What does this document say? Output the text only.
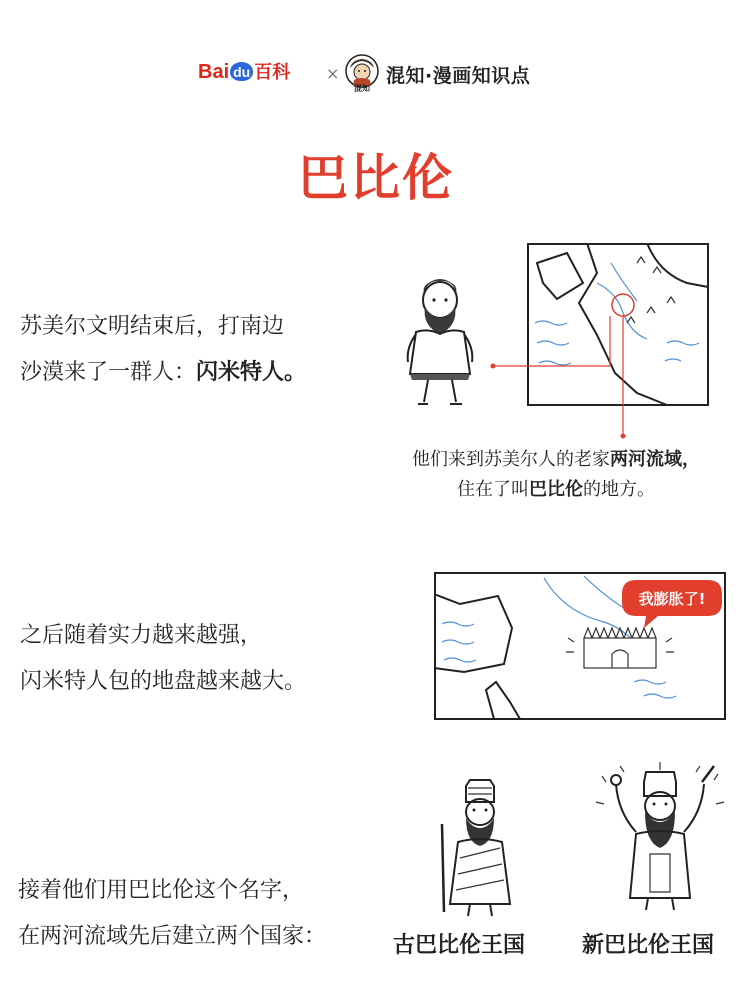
Bai du 百科 ×
混知
混知·漫画知识点
巴比伦
苏美尔文明结束后，打南边
沙漠来了一群人：闪米特人。
他们来到苏美尔人的老家两河流域，
住在了叫巴比伦的地方。
之后随着实力越来越强，
闪米特人包的地盘越来越大。
我膨胀了!
接着他们用巴比伦这个名字，
在两河流域先后建立两个国家：	古巴比伦王国	新巴比伦王国
